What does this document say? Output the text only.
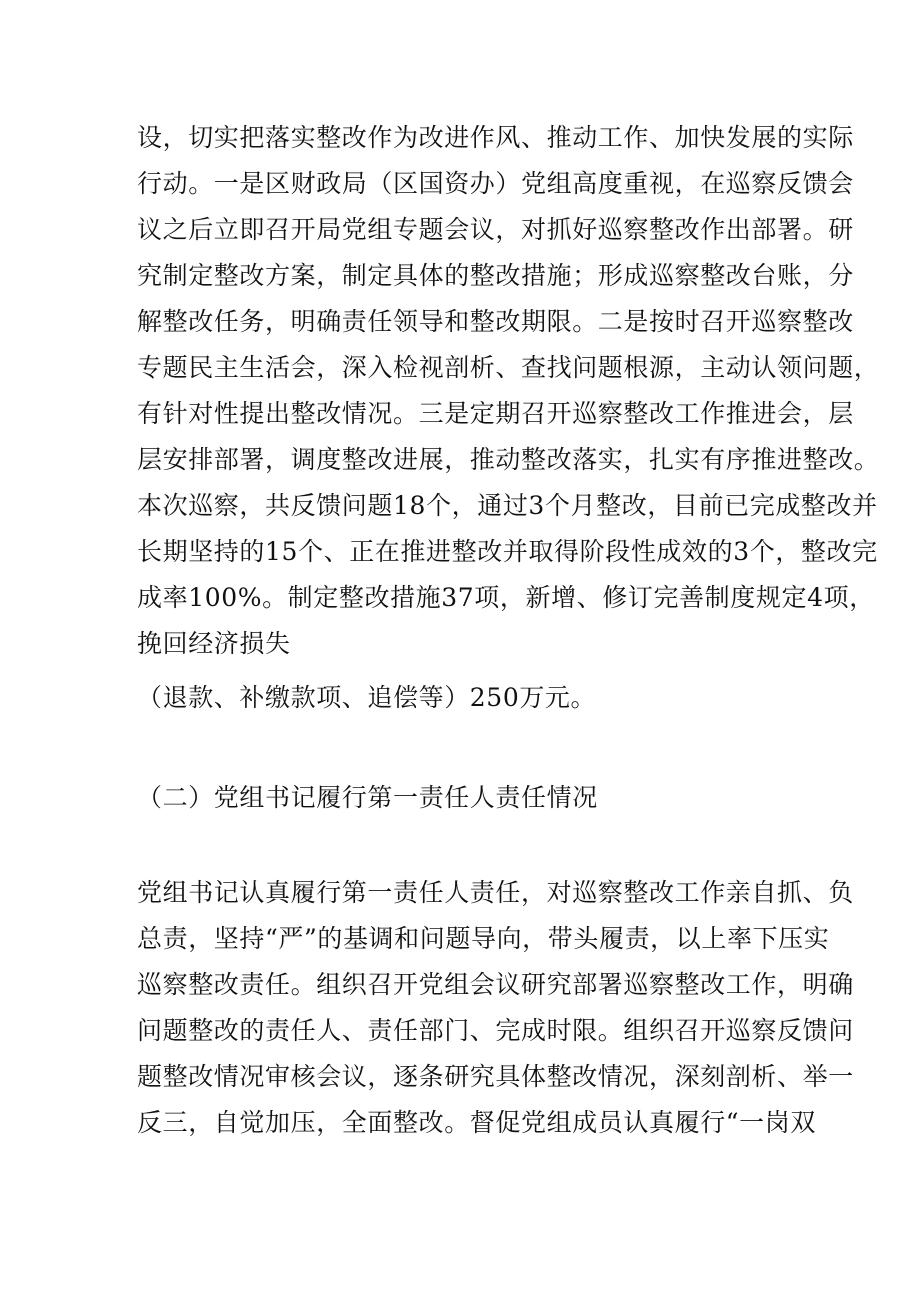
设，切实把落实整改作为改进作风、推动工作、加快发展的实际
行动。一是区财政局（区国资办）党组高度重视，在巡察反馈会
议之后立即召开局党组专题会议，对抓好巡察整改作出部署。研
究制定整改方案，制定具体的整改措施；形成巡察整改台账，分
解整改任务，明确责任领导和整改期限。二是按时召开巡察整改
专题民主生活会，深入检视剖析、查找问题根源，主动认领问题，
有针对性提出整改情况。三是定期召开巡察整改工作推进会，层
层安排部署，调度整改进展，推动整改落实，扎实有序推进整改。
本次巡察，共反馈问题18个，通过3个月整改，目前已完成整改并
长期坚持的15个、正在推进整改并取得阶段性成效的3个，整改完
成率100%。制定整改措施37项，新增、修订完善制度规定4项，
挽回经济损失
（退款、补缴款项、追偿等）250万元。
（二）党组书记履行第一责任人责任情况
党组书记认真履行第一责任人责任，对巡察整改工作亲自抓、负
总责，坚持“严”的基调和问题导向，带头履责，以上率下压实
巡察整改责任。组织召开党组会议研究部署巡察整改工作，明确
问题整改的责任人、责任部门、完成时限。组织召开巡察反馈问
题整改情况审核会议，逐条研究具体整改情况，深刻剖析、举一
反三，自觉加压，全面整改。督促党组成员认真履行“一岗双
